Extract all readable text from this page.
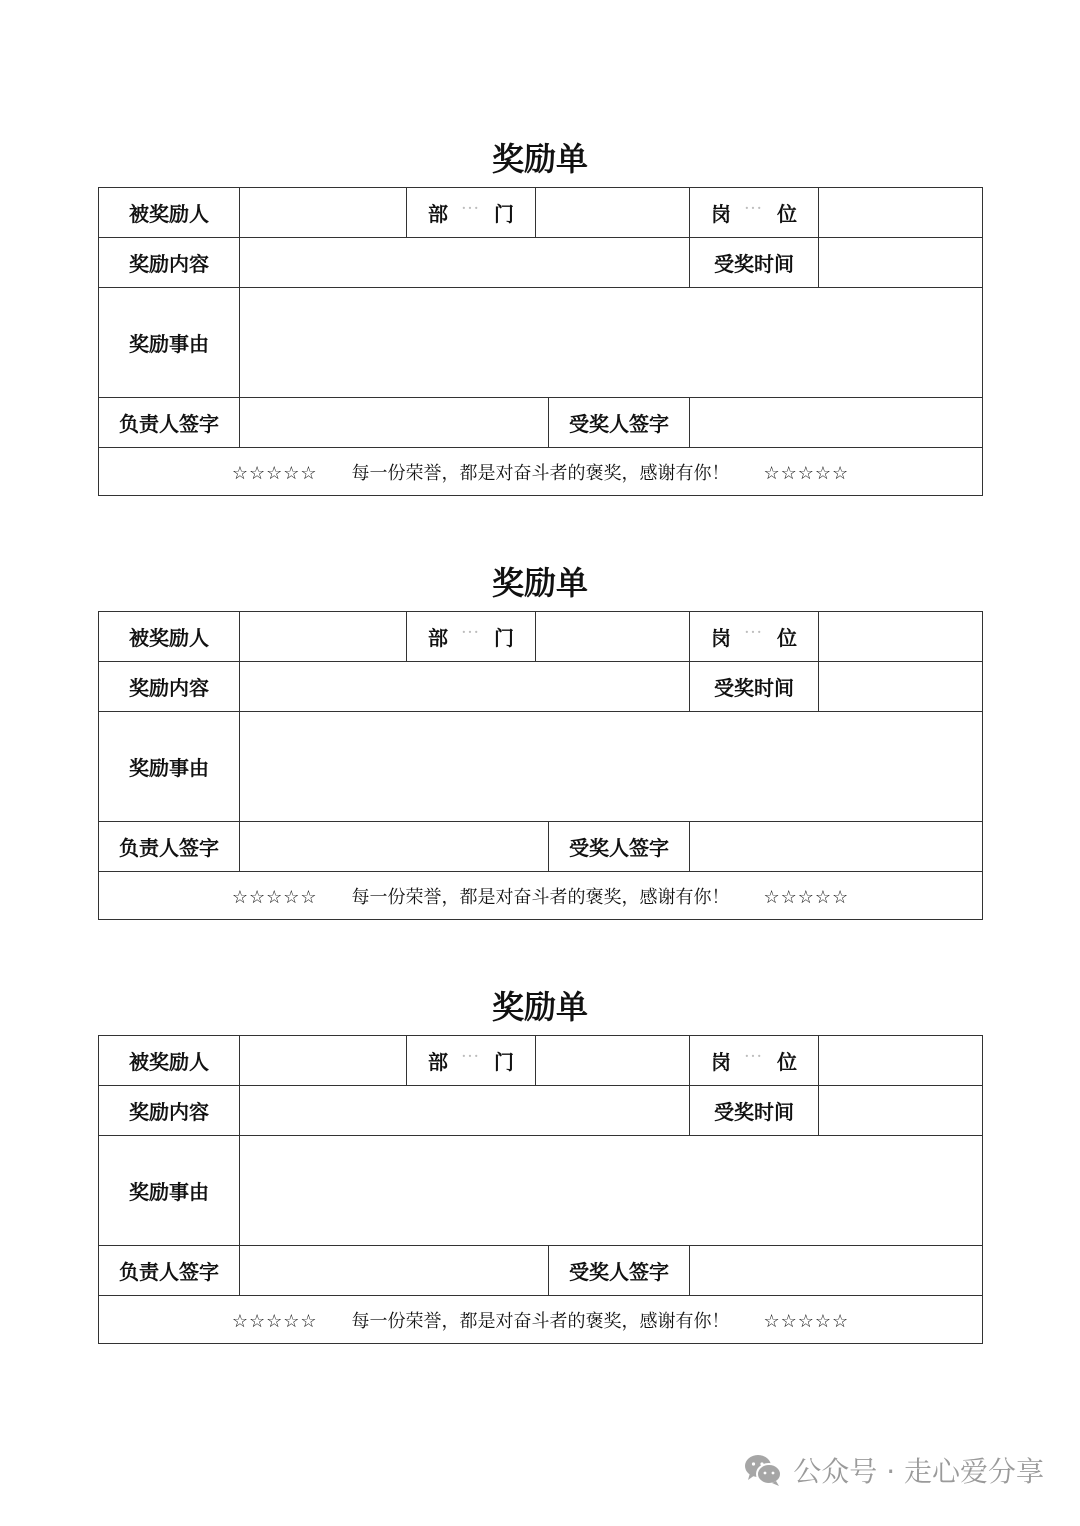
奖励单
被奖励人		部 ... 门			岗 ... 位	

奖励内容					受奖时间	
奖励事由						
负责人签字				受奖人签字		
☆☆☆☆☆ 每一份荣誉，都是对奋斗者的褒奖，感谢有你！ ☆☆☆☆☆						
奖励单
被奖励人		部 ... 门			岗 ... 位	

奖励内容					受奖时间	
奖励事由						
负责人签字				受奖人签字		
☆☆☆☆☆ 每一份荣誉，都是对奋斗者的褒奖，感谢有你！ ☆☆☆☆☆						
奖励单
被奖励人		部 ... 门			岗 ... 位	

奖励内容					受奖时间	
奖励事由						
负责人签字				受奖人签字		
☆☆☆☆☆ 每一份荣誉，都是对奋斗者的褒奖，感谢有你！ ☆☆☆☆☆						
公众号 · 走心爱分享
